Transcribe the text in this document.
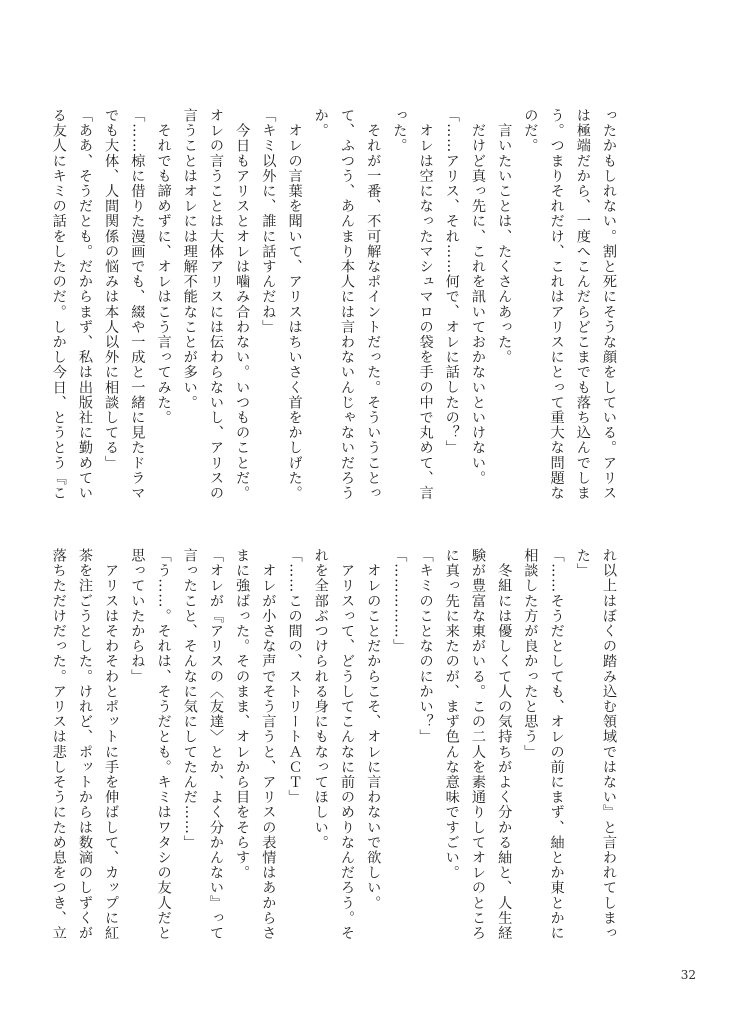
ったかもしれない。割と死にそうな顔をしている。アリス
は極端だから、一度へこんだらどこまでも落ち込んでしま
う。つまりそれだけ、これはアリスにとって重大な問題な
のだ。
　言いたいことは、たくさんあった。
　だけど真っ先に、これを訊いておかないといけない。
「……アリス、それ……何で、オレに話したの？」
　オレは空になったマシュマロの袋を手の中で丸めて、言
った。
　それが一番、不可解なポイントだった。そういうことっ
て、ふつう、あんまり本人には言わないんじゃないだろう
か。
　オレの言葉を聞いて、アリスはちいさく首をかしげた。
「キミ以外に、誰に話すんだね」
　今日もアリスとオレは噛み合わない。いつものことだ。
オレの言うことは大体アリスには伝わらないし、アリスの
言うことはオレには理解不能なことが多い。
　それでも諦めずに、オレはこう言ってみた。
「……椋に借りた漫画でも、綴や一成と一緒に見たドラマ
でも大体、人間関係の悩みは本人以外に相談してる」
「ああ、そうだとも。だからまず、私は出版社に勤めてい
る友人にキミの話をしたのだ。しかし今日、とうとう『こ
れ以上はぼくの踏み込む領域ではない』と言われてしまっ
た」
「……そうだとしても、オレの前にまず、紬とか東とかに
相談した方が良かったと思う」
　冬組には優しくて人の気持ちがよく分かる紬と、人生経
験が豊富な東がいる。この二人を素通りしてオレのところ
に真っ先に来たのが、まず色んな意味ですごい。
「キミのことなのにかい？」
「……………」
　オレのことだからこそ、オレに言わないで欲しい。
　アリスって、どうしてこんなに前のめりなんだろう。そ
れを全部ぶつけられる身にもなってほしい。
「……この間の、ストリートＡＣＴ」
　オレが小さな声でそう言うと、アリスの表情はあからさ
まに強ばった。そのまま、オレから目をそらす。
「オレが『アリスの〈友達〉とか、よく分かんない』って
言ったこと、そんなに気にしてたんだ……」
「う……。それは、そうだとも。キミはワタシの友人だと
思っていたからね」
　アリスはそわそわとポットに手を伸ばして、カップに紅
茶を注ごうとした。けれど、ポットからは数滴のしずくが
落ちただけだった。アリスは悲しそうにため息をつき、立
32
